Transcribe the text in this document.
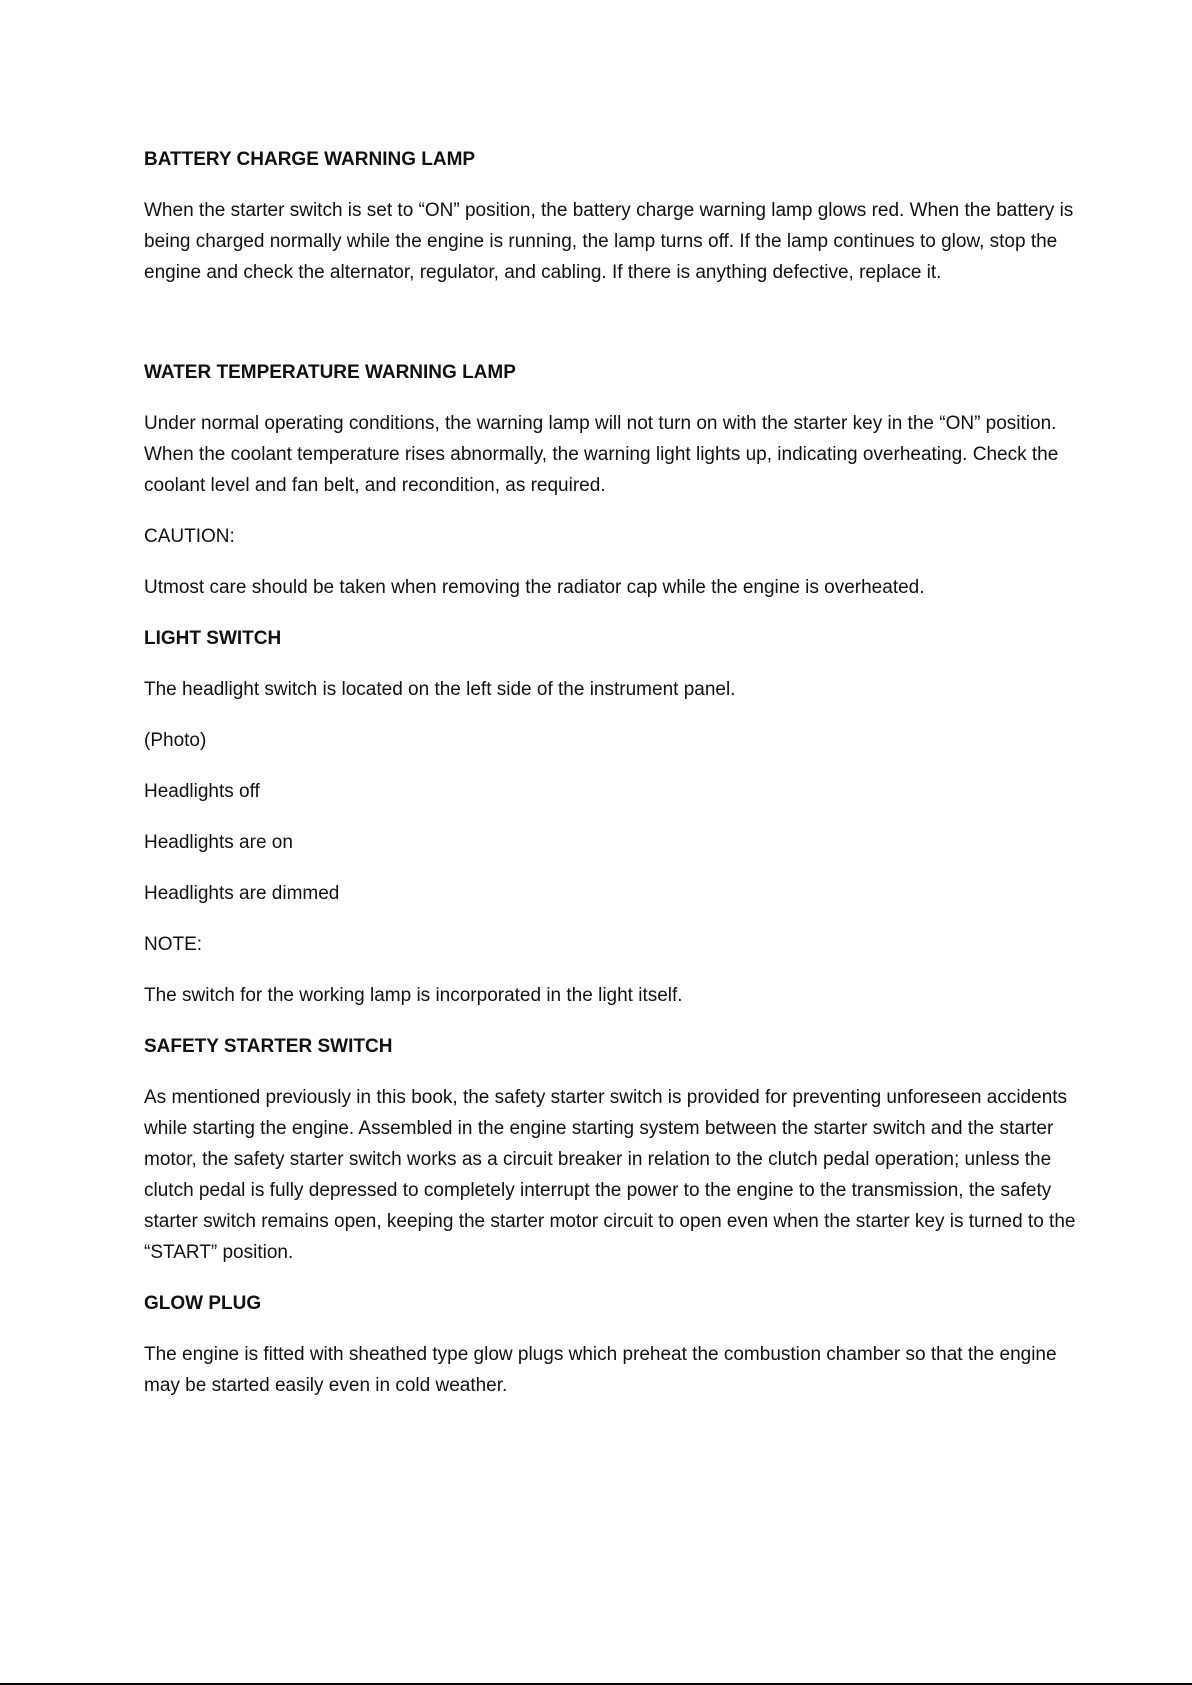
BATTERY CHARGE WARNING LAMP
When the starter switch is set to “ON” position, the battery charge warning lamp glows red. When the battery is being charged normally while the engine is running, the lamp turns off. If the lamp continues to glow, stop the engine and check the alternator, regulator, and cabling. If there is anything defective, replace it.
WATER TEMPERATURE WARNING LAMP
Under normal operating conditions, the warning lamp will not turn on with the starter key in the “ON” position. When the coolant temperature rises abnormally, the warning light lights up, indicating overheating. Check the coolant level and fan belt, and recondition, as required.
CAUTION:
Utmost care should be taken when removing the radiator cap while the engine is overheated.
LIGHT SWITCH
The headlight switch is located on the left side of the instrument panel.
(Photo)
Headlights off
Headlights are on
Headlights are dimmed
NOTE:
The switch for the working lamp is incorporated in the light itself.
SAFETY STARTER SWITCH
As mentioned previously in this book, the safety starter switch is provided for preventing unforeseen accidents while starting the engine. Assembled in the engine starting system between the starter switch and the starter motor, the safety starter switch works as a circuit breaker in relation to the clutch pedal operation; unless the clutch pedal is fully depressed to completely interrupt the power to the engine to the transmission, the safety starter switch remains open, keeping the starter motor circuit to open even when the starter key is turned to the “START” position.
GLOW PLUG
The engine is fitted with sheathed type glow plugs which preheat the combustion chamber so that the engine may be started easily even in cold weather.
